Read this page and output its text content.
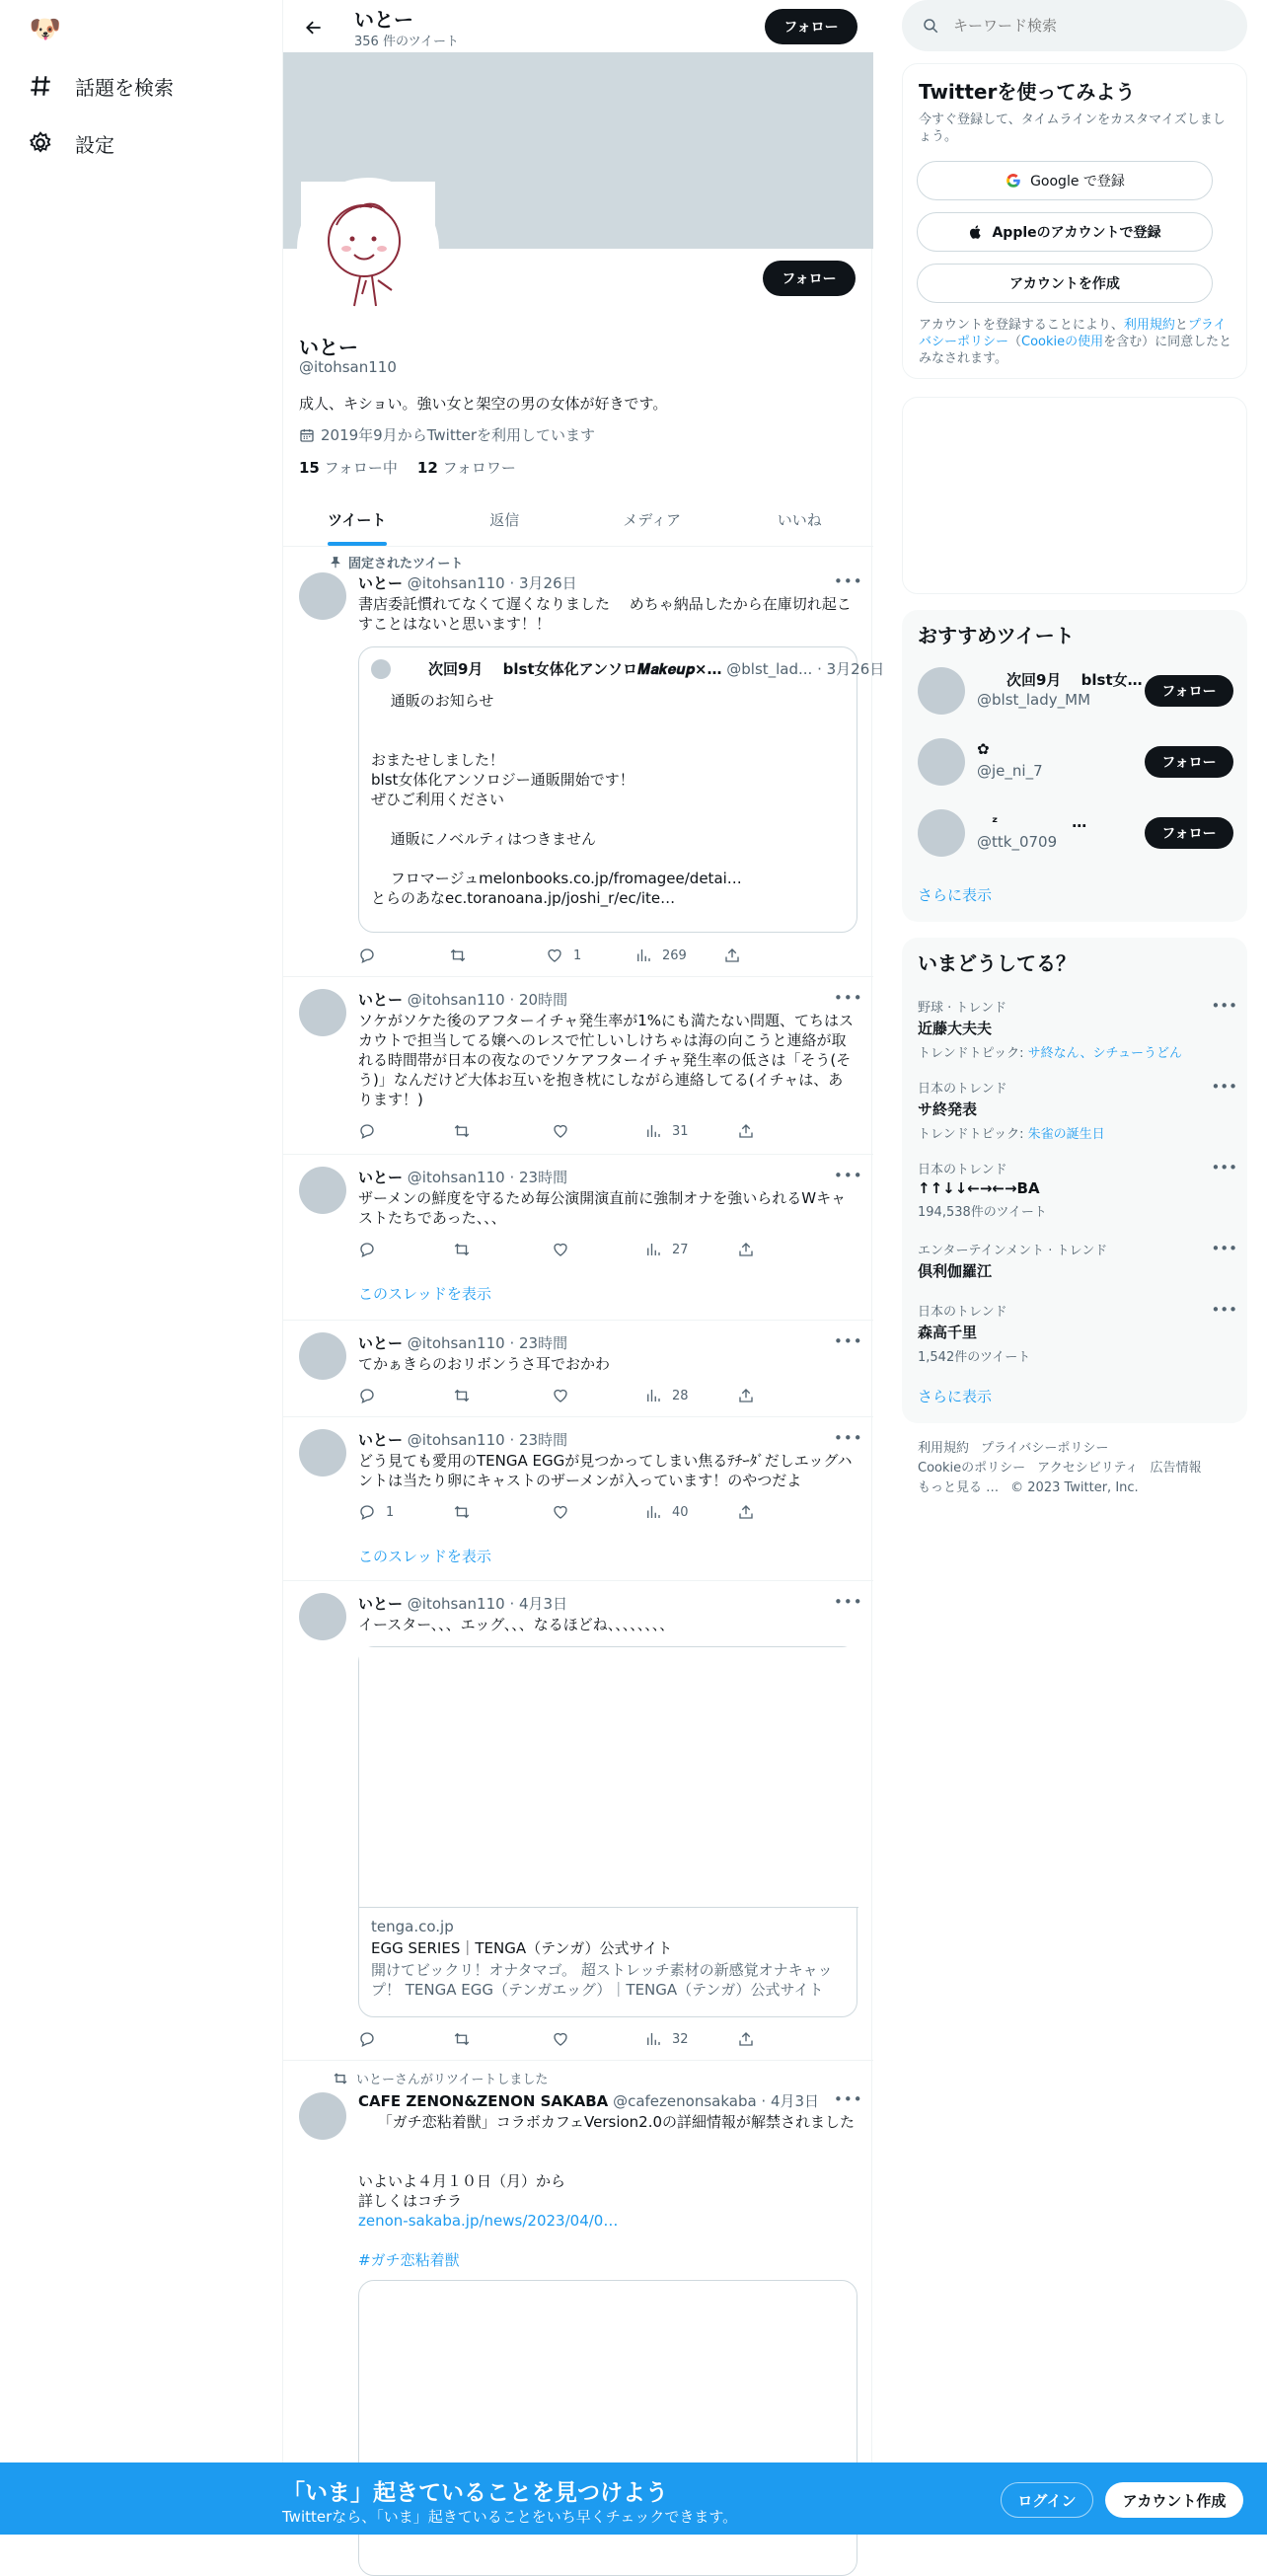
🐶
話題を検索
設定
いとー
356 件のツイート
フォロー
フォロー
いとー
@itohsan110
成人、キショい。強い女と架空の男の女体が好きです。
2019年9月からTwitterを利用しています
15 フォロー中 12 フォロワー
ツイート	返信	メディア	いいね
固定されたツイート
いとー @itohsan110 · 3月26日	•••
書店委託慣れてなくて遅くなりました　 めちゃ納品したから在庫切れ起こすことはないと思います！！
　　次回9月　 blst女体化アンソロ𝑴𝒂𝒌𝒆𝒖𝒑×… @blst_lad... · 3月26日
　 通販のお知らせ

おまたせしました！
blst女体化アンソロジー通販開始です！
ぜひご利用ください

　 通販にノベルティはつきません

　 フロマージュmelonbooks.co.jp/fromagee/detai…
とらのあなec.toranoana.jp/joshi_r/ec/ite…
1	269
いとー @itohsan110 · 20時間	•••
ソケがソケた後のアフターイチャ発生率が1%にも満たない問題、てちはスカウトで担当してる嬢へのレスで忙しいしけちゃは海の向こうと連絡が取れる時間帯が日本の夜なのでソケアフターイチャ発生率の低さは「そう(そう)」なんだけど大体お互いを抱き枕にしながら連絡してる(イチャは、あります！)
31
いとー @itohsan110 · 23時間	•••
ザーメンの鮮度を守るため毎公演開演直前に強制オナを強いられるWキャストたちであった、、、
27
このスレッドを表示
いとー @itohsan110 · 23時間	•••
てかぁきらのおリボンうさ耳でおかわ
28
いとー @itohsan110 · 23時間	•••
どう見ても愛用のTENGA EGGが見つかってしまい焦るﾃﾁｰﾀﾞだしエッグハントは当たり卵にキャストのザーメンが入っています！のやつだよ
1	40
このスレッドを表示
いとー @itohsan110 · 4月3日	•••
イースター、、、エッグ、、、なるほどね、、、、、、、、
tenga.co.jp
EGG SERIES｜TENGA（テンガ）公式サイト
開けてビックリ！オナタマゴ。 超ストレッチ素材の新感覚オナキャップ！ TENGA EGG（テンガエッグ）｜TENGA（テンガ）公式サイト
32
いとーさんがリツイートしました
CAFE ZENON&ZENON SAKABA @cafezenonsakaba · 4月3日 •••
　 「ガチ恋粘着獣」コラボカフェVersion2.0の詳細情報が解禁されました

いよいよ４月１０日（月）から
詳しくはコチラ
zenon-sakaba.jp/news/2023/04/0…
#ガチ恋粘着獣
キーワード検索
Twitterを使ってみよう
今すぐ登録して、タイムラインをカスタマイズしましょう。
Google で登録
Appleのアカウントで登録
アカウントを作成
アカウントを登録することにより、利用規約とプライバシーポリシー（Cookieの使用を含む）に同意したとみなされます。
おすすめツイート
　　次回9月　 blst女…
@blst_lady_MM	フォロー
✿
@je_ni_7	フォロー
　ᶻ　　　　　…
@ttk_0709	フォロー
さらに表示
いまどうしてる？
野球 · トレンド
近藤大夫夫
トレンドトピック: サ終なん、シチューうどん
•••
日本のトレンド
サ終発表
トレンドトピック: 朱雀の誕生日
•••
日本のトレンド
↑↑↓↓←→←→BA
194,538件のツイート
•••
エンターテインメント · トレンド
倶利伽羅江
•••
日本のトレンド
森高千里
1,542件のツイート
•••
さらに表示
利用規約 プライバシーポリシー
Cookieのポリシー アクセシビリティ 広告情報
もっと見る … © 2023 Twitter, Inc.
「いま」起きていることを見つけよう
Twitterなら、「いま」起きていることをいち早くチェックできます。
ログイン	アカウント作成
